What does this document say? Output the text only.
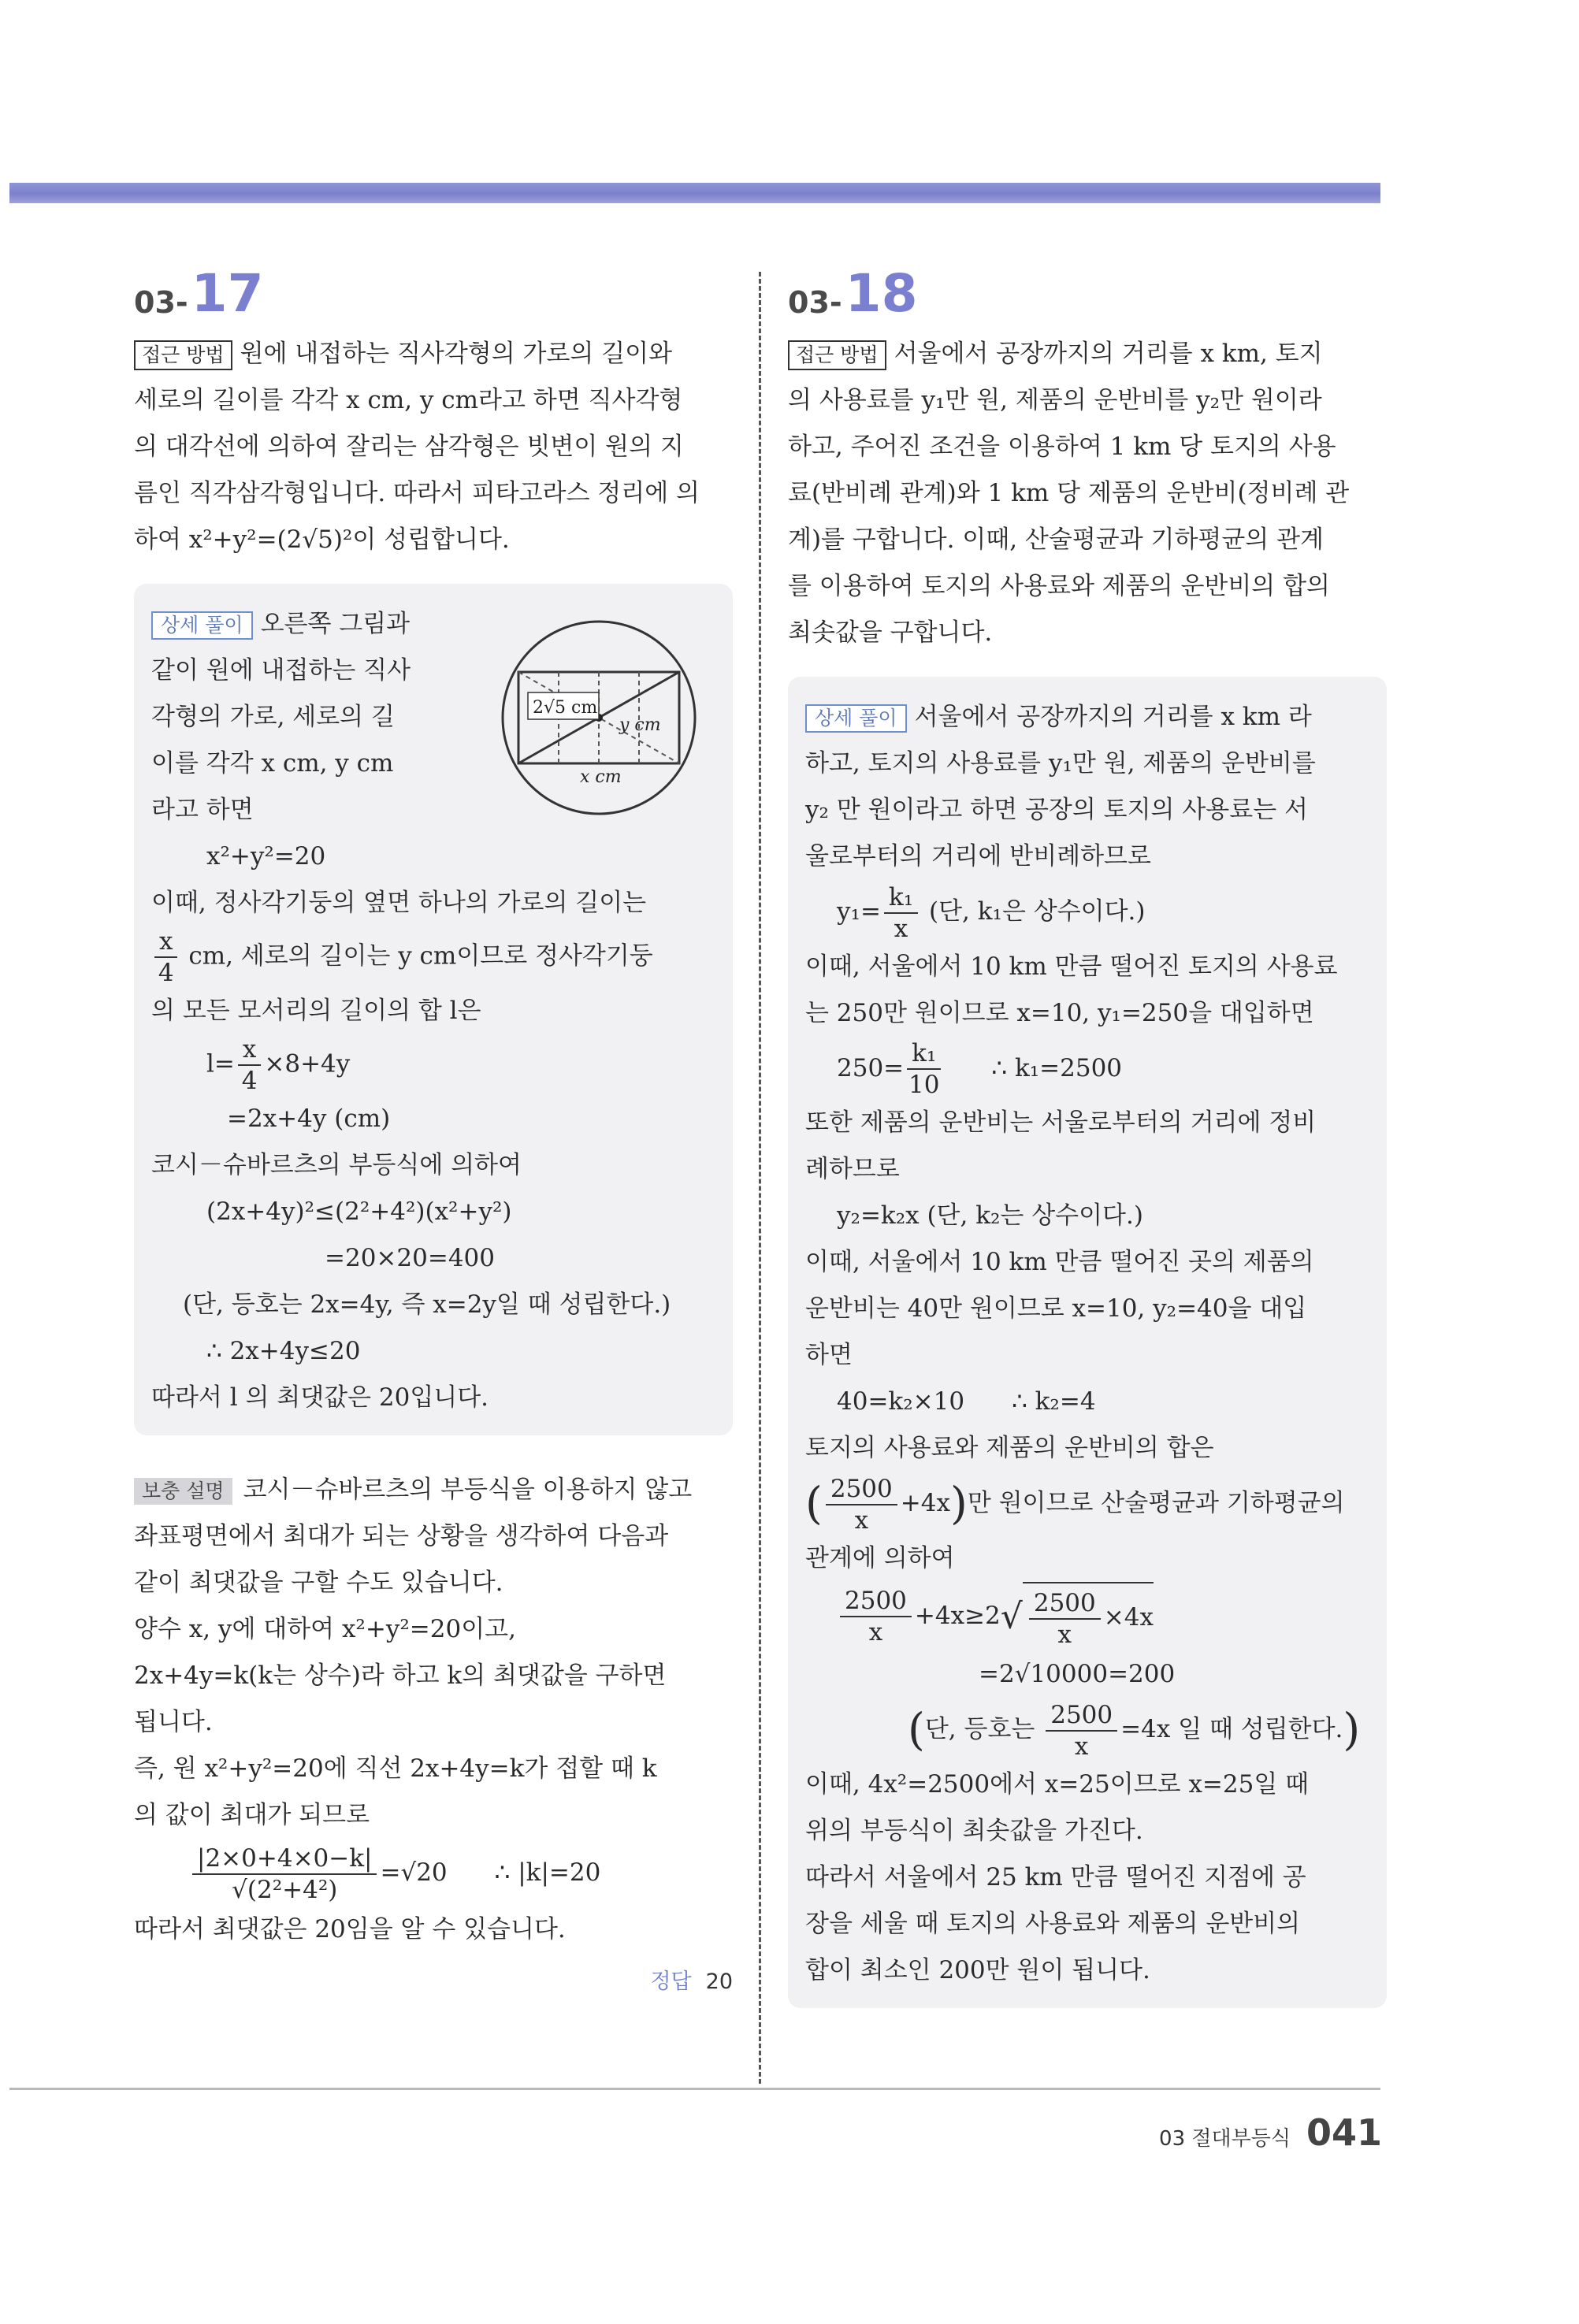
03- 17

접근 방법 원에 내접하는 직사각형의 가로의 길이와

세로의 길이를 각각 x cm, y cm라고 하면 직사각형

의 대각선에 의하여 잘리는 삼각형은 빗변이 원의 지

름인 직각삼각형입니다. 따라서 피타고라스 정리에 의

하여 x²+y²=(2√5)²이 성립합니다.

2√5 cm
y cm
x cm

상세 풀이 오른쪽 그림과

같이 원에 내접하는 직사

각형의 가로, 세로의 길

이를 각각 x cm, y cm

라고 하면

x²+y²=20

이때, 정사각기둥의 옆면 하나의 가로의 길이는

$\frac{x}{4}$ cm, 세로의 길이는 y cm이므로 정사각기둥

의 모든 모서리의 길이의 합 l은

$l= \frac{x}{4} \times 8+4y$

=2x+4y (cm)

코시－슈바르츠의 부등식에 의하여

(2x+4y)²≤(2²+4²)(x²+y²)

=20×20=400

(단, 등호는 2x=4y, 즉 x=2y일 때 성립한다.)

∴ 2x+4y≤20

따라서 l 의 최댓값은 20입니다.

보충 설명 코시－슈바르츠의 부등식을 이용하지 않고

좌표평면에서 최대가 되는 상황을 생각하여 다음과

같이 최댓값을 구할 수도 있습니다.

양수 x, y에 대하여 x²+y²=20이고,

2x+4y=k(k는 상수)라 하고 k의 최댓값을 구하면

됩니다.

즉, 원 x²+y²=20에 직선 2x+4y=k가 접할 때 k

의 값이 최대가 되므로

$\frac{|2\times 0+4\times 0-k|}{\text{√(2²+4²)}} =√20$ ∴ |k|=20

따라서 최댓값은 20임을 알 수 있습니다.

정답 20
03- 18

접근 방법 서울에서 공장까지의 거리를 x km, 토지

의 사용료를 y₁만 원, 제품의 운반비를 y₂만 원이라

하고, 주어진 조건을 이용하여 1 km 당 토지의 사용

료(반비례 관계)와 1 km 당 제품의 운반비(정비례 관

계)를 구합니다. 이때, 산술평균과 기하평균의 관계

를 이용하여 토지의 사용료와 제품의 운반비의 합의

최솟값을 구합니다.

상세 풀이 서울에서 공장까지의 거리를 x km 라

하고, 토지의 사용료를 y₁만 원, 제품의 운반비를

y₂ 만 원이라고 하면 공장의 토지의 사용료는 서

울로부터의 거리에 반비례하므로

$y_1= \frac{\text{k₁}}{x}$ (단, k₁은 상수이다.)

이때, 서울에서 10 km 만큼 떨어진 토지의 사용료

는 250만 원이므로 x=10, y₁=250을 대입하면

$250= \frac{\text{k₁}}{10}$ ∴ k₁=2500

또한 제품의 운반비는 서울로부터의 거리에 정비

례하므로

y₂=k₂x (단, k₂는 상수이다.)

이때, 서울에서 10 km 만큼 떨어진 곳의 제품의

운반비는 40만 원이므로 x=10, y₂=40을 대입

하면

40=k₂×10 ∴ k₂=4

토지의 사용료와 제품의 운반비의 합은

( $\frac{2500}{x} +4x$)만 원이므로 산술평균과 기하평균의

관계에 의하여

$\frac{2500}{x} +4x\ge 2√ \frac{2500}{x} \times 4x$

=2√10000=200

(단, 등호는 $\frac{2500}{x} =4x$ 일 때 성립한다.)

이때, 4x²=2500에서 x=25이므로 x=25일 때

위의 부등식이 최솟값을 가진다.

따라서 서울에서 25 km 만큼 떨어진 지점에 공

장을 세울 때 토지의 사용료와 제품의 운반비의

합이 최소인 200만 원이 됩니다.

03 절대부등식 041
